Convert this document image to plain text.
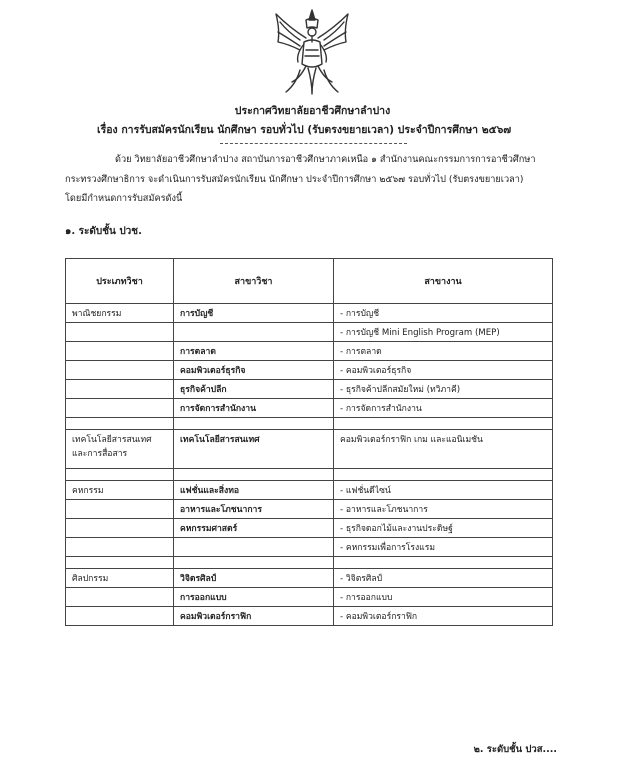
ประกาศวิทยาลัยอาชีวศึกษาลำปาง
เรื่อง การรับสมัครนักเรียน นักศึกษา รอบทั่วไป (รับตรงขยายเวลา) ประจำปีการศึกษา ๒๕๖๗
ด้วย วิทยาลัยอาชีวศึกษาลำปาง สถาบันการอาชีวศึกษาภาคเหนือ ๑ สำนักงานคณะกรรมการการอาชีวศึกษา
กระทรวงศึกษาธิการ จะดำเนินการรับสมัครนักเรียน นักศึกษา ประจำปีการศึกษา ๒๕๖๗ รอบทั่วไป (รับตรงขยายเวลา)
โดยมีกำหนดการรับสมัครดังนี้
๑. ระดับชั้น ปวช.
ประเภทวิชา	สาขาวิชา	สาขางาน
พาณิชยกรรม	การบัญชี	- การบัญชี
		- การบัญชี Mini English Program (MEP)
	การตลาด	- การตลาด
	คอมพิวเตอร์ธุรกิจ	- คอมพิวเตอร์ธุรกิจ
	ธุรกิจค้าปลีก	- ธุรกิจค้าปลีกสมัยใหม่ (ทวิภาคี)
	การจัดการสำนักงาน	- การจัดการสำนักงาน

เทคโนโลยีสารสนเทศ และการสื่อสาร	เทคโนโลยีสารสนเทศ	คอมพิวเตอร์กราฟิก เกม และแอนิเมชัน

คหกรรม	แฟชั่นและสิ่งทอ	- แฟชั่นดีไซน์
	อาหารและโภชนาการ	- อาหารและโภชนาการ
	คหกรรมศาสตร์	- ธุรกิจดอกไม้และงานประดิษฐ์
		- คหกรรมเพื่อการโรงแรม

ศิลปกรรม	วิจิตรศิลป์	- วิจิตรศิลป์
	การออกแบบ	- การออกแบบ
	คอมพิวเตอร์กราฟิก	- คอมพิวเตอร์กราฟิก
๒. ระดับชั้น ปวส....
